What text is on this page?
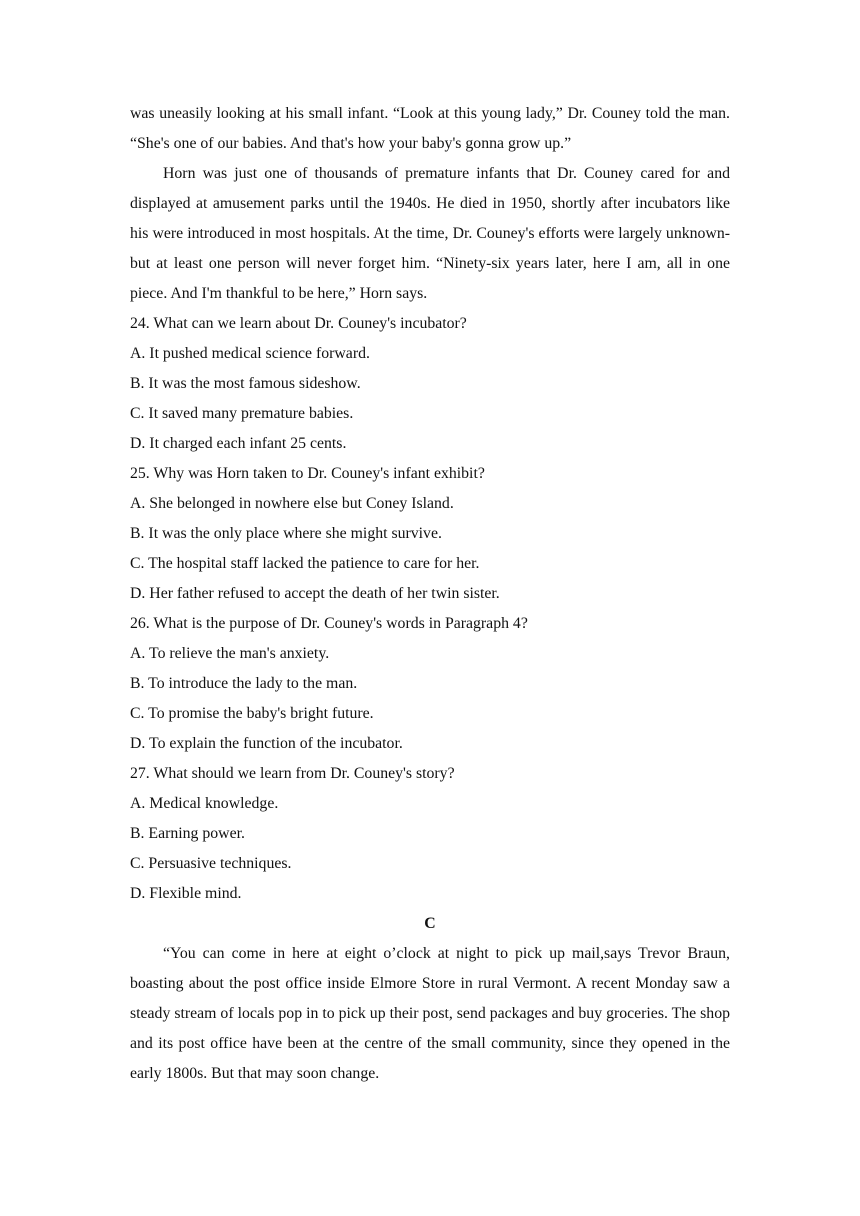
was uneasily looking at his small infant. “Look at this young lady,” Dr. Couney told the man. “She's one of our babies. And that's how your baby's gonna grow up.”

Horn was just one of thousands of premature infants that Dr. Couney cared for and displayed at amusement parks until the 1940s. He died in 1950, shortly after incubators like his were introduced in most hospitals. At the time, Dr. Couney's efforts were largely unknown-but at least one person will never forget him. “Ninety-six years later, here I am, all in one piece. And I'm thankful to be here,” Horn says.

24. What can we learn about Dr. Couney's incubator?

A. It pushed medical science forward.

B. It was the most famous sideshow.

C. It saved many premature babies.

D. It charged each infant 25 cents.

25. Why was Horn taken to Dr. Couney's infant exhibit?

A. She belonged in nowhere else but Coney Island.

B. It was the only place where she might survive.

C. The hospital staff lacked the patience to care for her.

D. Her father refused to accept the death of her twin sister.

26. What is the purpose of Dr. Couney's words in Paragraph 4?

A. To relieve the man's anxiety.

B. To introduce the lady to the man.

C. To promise the baby's bright future.

D. To explain the function of the incubator.

27. What should we learn from Dr. Couney's story?

A. Medical knowledge.

B. Earning power.

C. Persuasive techniques.

D. Flexible mind.

C

“You can come in here at eight o’clock at night to pick up mail,says Trevor Braun, boasting about the post office inside Elmore Store in rural Vermont. A recent Monday saw a steady stream of locals pop in to pick up their post, send packages and buy groceries. The shop and its post office have been at the centre of the small community, since they opened in the early 1800s. But that may soon change.
